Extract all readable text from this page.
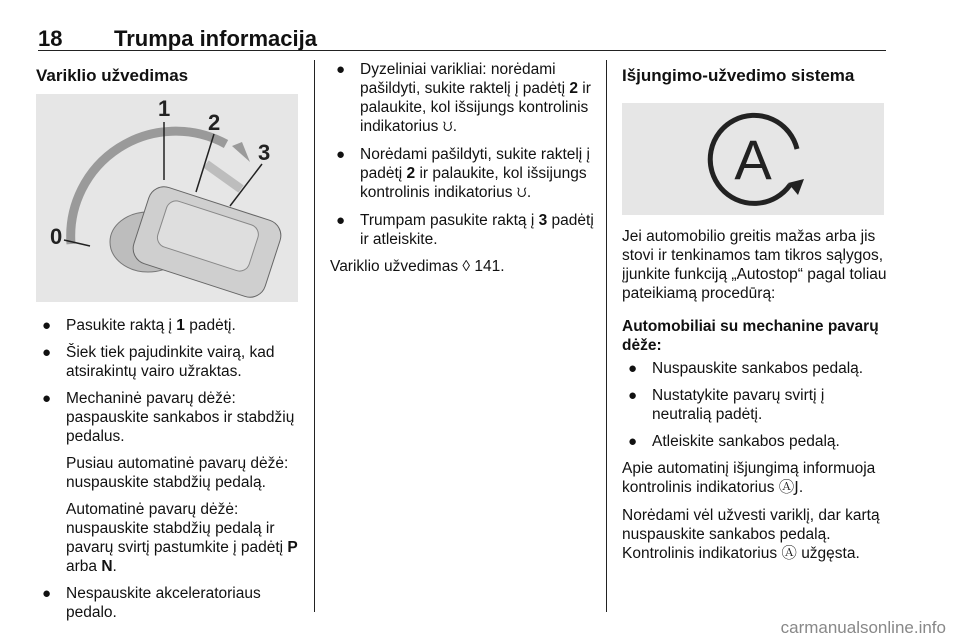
18 Trumpa informacija
Variklio užvedimas
1
2
3
0
● Pasukite raktą į 1 padėtį.
● Šiek tiek pajudinkite vairą, kad atsirakintų vairo užraktas.
● Mechaninė pavarų dėžė: paspauskite sankabos ir stabdžių pedalus.
Pusiau automatinė pavarų dėžė: nuspauskite stabdžių pedalą.
Automatinė pavarų dėžė: nuspauskite stabdžių pedalą ir pavarų svirtį pastumkite į padėtį P arba N.
● Nespauskite akceleratoriaus pedalo.
● Dyzeliniai varikliai: norėdami pašildyti, sukite raktelį į padėtį 2 ir palaukite, kol išsijungs kontrolinis indikatorius ᙀ.
● Norėdami pašildyti, sukite raktelį į padėtį 2 ir palaukite, kol išsijungs kontrolinis indikatorius ᙀ.
● Trumpam pasukite raktą į 3 padėtį ir atleiskite.

Variklio užvedimas ◊ 141.

Išjungimo-užvedimo sistema
A

Jei automobilio greitis mažas arba jis stovi ir tenkinamos tam tikros sąlygos, įjunkite funkciją „Autostop“ pagal toliau pateikiamą procedūrą:

Automobiliai su mechanine pavarų dėže:
● Nuspauskite sankabos pedalą.
● Nustatykite pavarų svirtį į neutralią padėtį.
● Atleiskite sankabos pedalą.

Apie automatinį išjungimą informuoja kontrolinis indikatorius ⒶͿ.

Norėdami vėl užvesti variklį, dar kartą nuspauskite sankabos pedalą. Kontrolinis indikatorius Ⓐ užgęsta.

carmanualsonline.info
